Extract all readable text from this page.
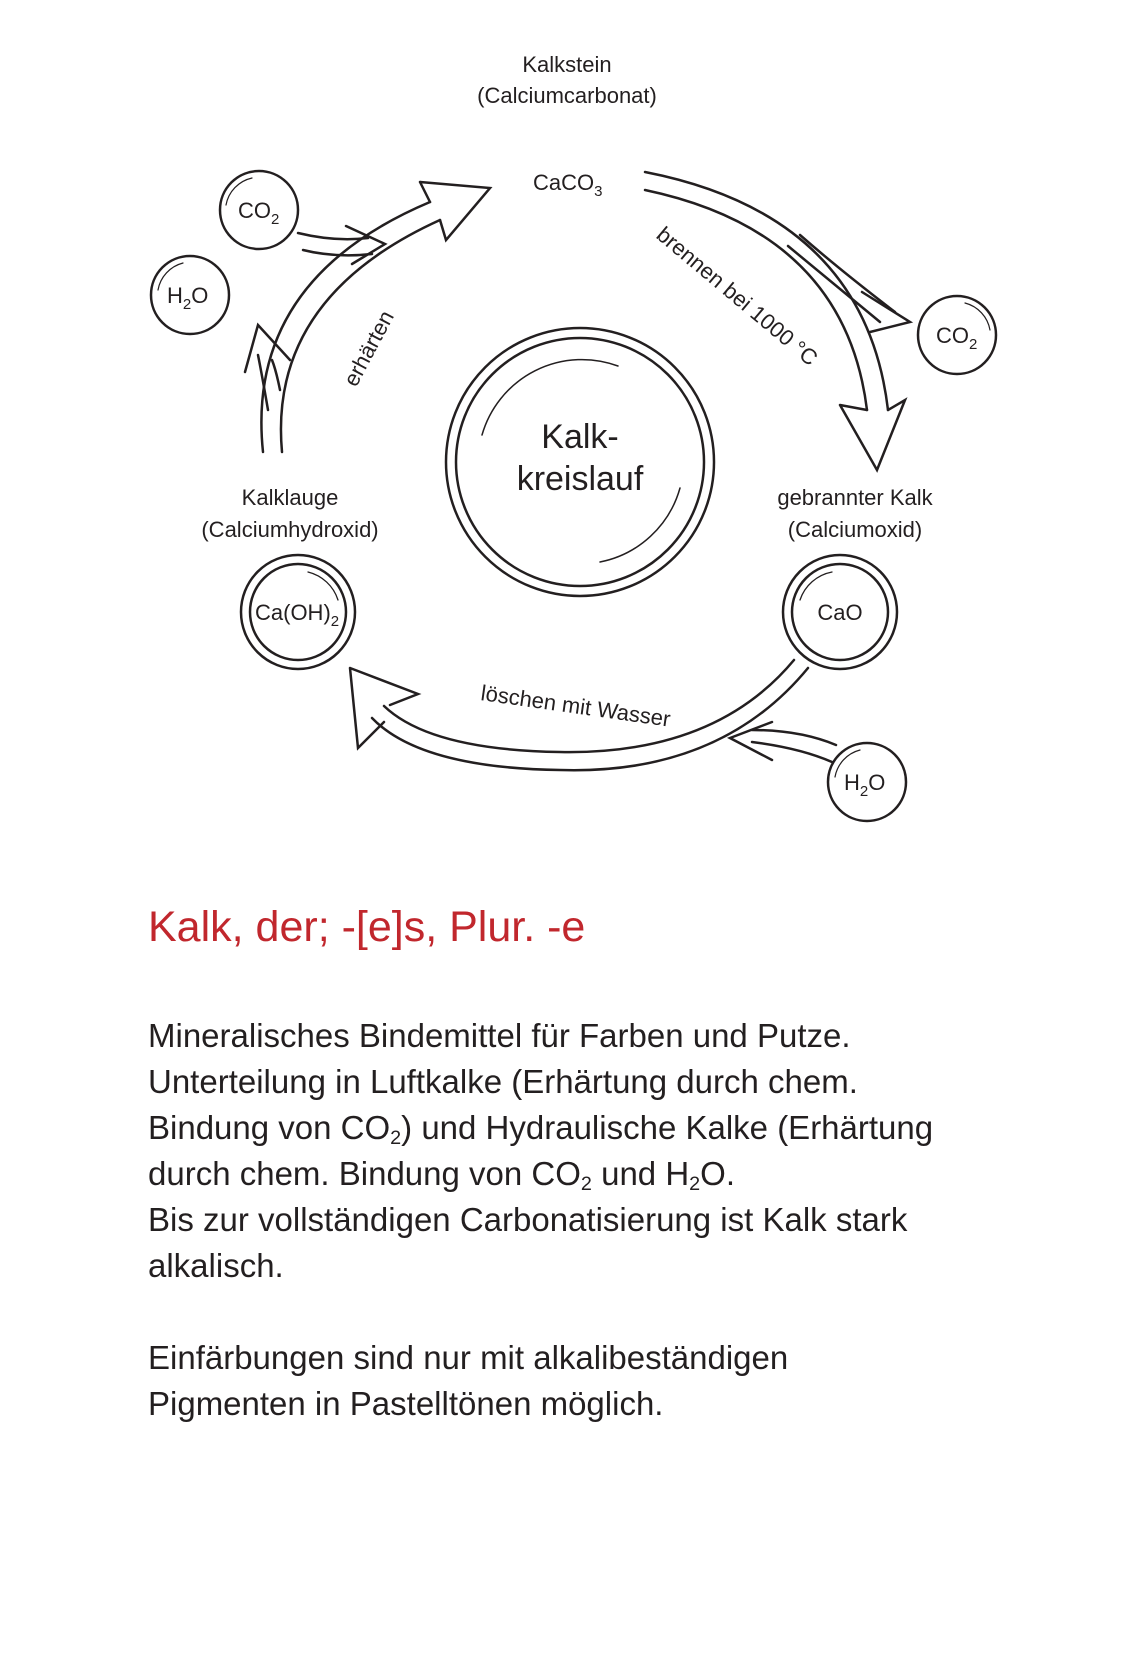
Kalk-
kreislauf
Kalkstein
(Calciumcarbonat)
CaCO$_3$
gebrannter Kalk
(Calciumoxid)
CaO
Kalklauge
(Calciumhydroxid)
$Ca(OH)_2$
$CO_2$
$H_2O$
$CO_2$
$H_2O$
brennen bei 1000 °C
löschen mit Wasser
erhärten
Kalk, der; -[e]s, Plur. -e

Mineralisches Bindemittel für Farben und Putze.
Unterteilung in Luftkalke (Erhärtung durch chem.
Bindung von $CO_2$) und Hydraulische Kalke (Erhärtung
durch chem. Bindung von $CO_2$ und $H_2O$.
Bis zur vollständigen Carbonatisierung ist Kalk stark
alkalisch.

Einfärbungen sind nur mit alkalibeständigen
Pigmenten in Pastelltönen möglich.
